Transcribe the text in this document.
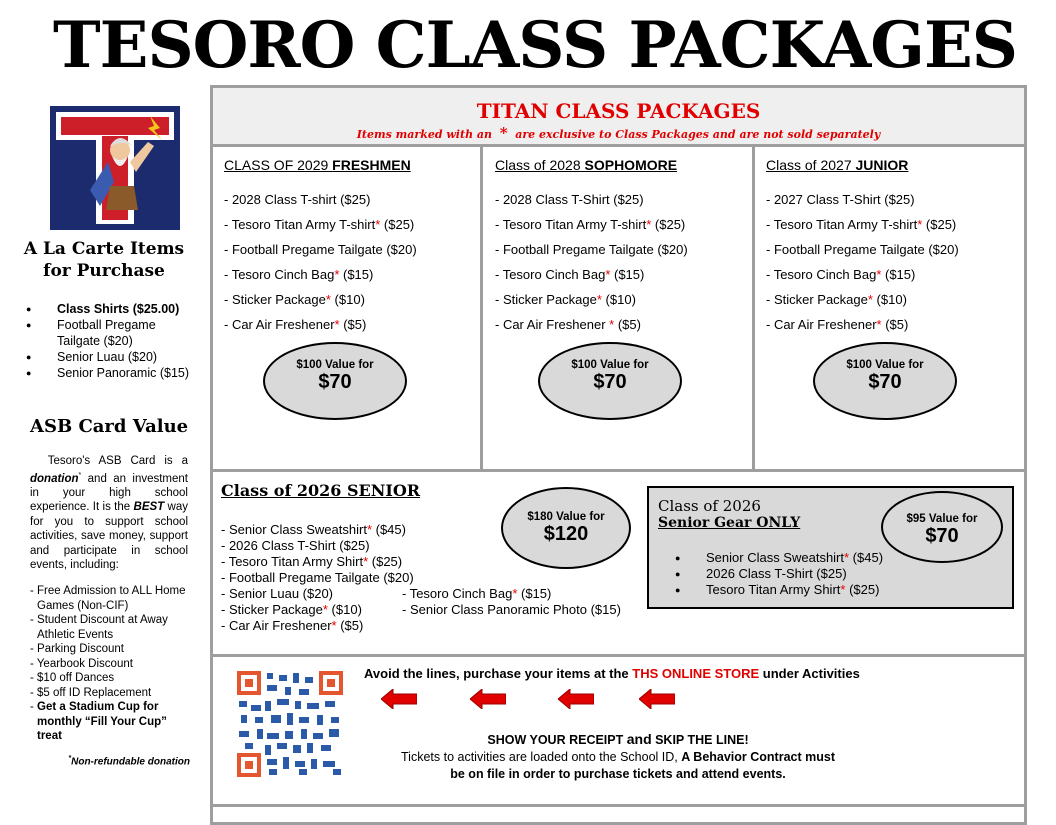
TESORO CLASS PACKAGES
A La Carte Items for Purchase
● Class Shirts ($25.00)
● Football Pregame Tailgate ($20)
● Senior Luau ($20)
● Senior Panoramic ($15)
ASB Card Value
Tesoro's ASB Card is a donation* and an investment in your high school experience. It is the BEST way for you to support school activities, save money, support and participate in school events, including:
- Free Admission to ALL Home Games (Non-CIF)
- Student Discount at Away Athletic Events
- Parking Discount
- Yearbook Discount
- $10 off Dances
- $5 off ID Replacement
- Get a Stadium Cup for monthly “Fill Your Cup” treat
*Non-refundable donation
TITAN CLASS PACKAGES
Items marked with an * are exclusive to Class Packages and are not sold separately
CLASS OF 2029 FRESHMEN
- 2028 Class T-shirt ($25)
- Tesoro Titan Army T-shirt* ($25)
- Football Pregame Tailgate ($20)
- Tesoro Cinch Bag* ($15)
- Sticker Package* ($10)
- Car Air Freshener* ($5)
Class of 2028 SOPHOMORE
- 2028 Class T-Shirt ($25)
- Tesoro Titan Army T-shirt* ($25)
- Football Pregame Tailgate ($20)
- Tesoro Cinch Bag* ($15)
- Sticker Package* ($10)
- Car Air Freshener * ($5)
Class of 2027 JUNIOR
- 2027 Class T-Shirt ($25)
- Tesoro Titan Army T-shirt* ($25)
- Football Pregame Tailgate ($20)
- Tesoro Cinch Bag* ($15)
- Sticker Package* ($10)
- Car Air Freshener* ($5)
$100 Value for
$70
$100 Value for
$70
$100 Value for
$70
Class of 2026 SENIOR
$180 Value for
$120
- Senior Class Sweatshirt* ($45)
- 2026 Class T-Shirt ($25)
- Tesoro Titan Army Shirt* ($25)
- Football Pregame Tailgate ($20)
- Senior Luau ($20)
- Sticker Package* ($10)
- Car Air Freshener* ($5)
- Tesoro Cinch Bag* ($15)
- Senior Class Panoramic Photo ($15)
Class of 2026
Senior Gear ONLY
● Senior Class Sweatshirt* ($45)
● 2026 Class T-Shirt ($25)
● Tesoro Titan Army Shirt* ($25)
$95 Value for
$70
Avoid the lines, purchase your items at the THS ONLINE STORE under Activities
SHOW YOUR RECEIPT and SKIP THE LINE!
Tickets to activities are loaded onto the School ID, A Behavior Contract must be on file in order to purchase tickets and attend events.
